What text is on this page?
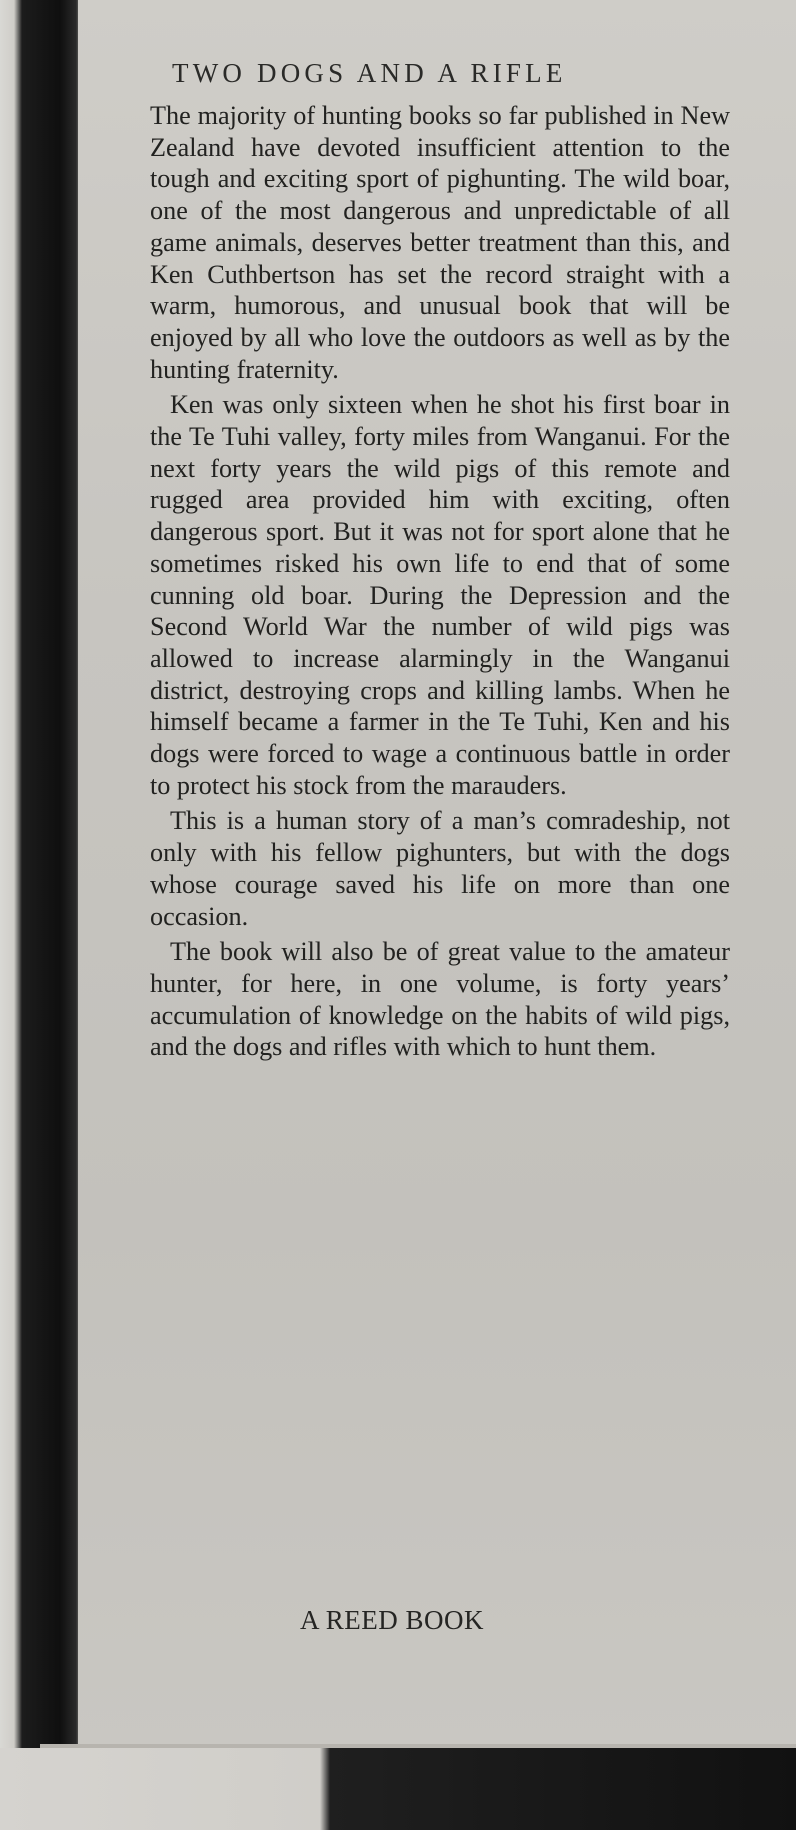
TWO DOGS AND A RIFLE

The majority of hunting books so far published in New Zealand have devoted insufficient attention to the tough and exciting sport of pighunting. The wild boar, one of the most dangerous and unpredictable of all game animals, deserves better treatment than this, and Ken Cuthbertson has set the record straight with a warm, humorous, and unusual book that will be enjoyed by all who love the outdoors as well as by the hunting fraternity.

Ken was only sixteen when he shot his first boar in the Te Tuhi valley, forty miles from Wanganui. For the next forty years the wild pigs of this remote and rugged area provided him with exciting, often dangerous sport. But it was not for sport alone that he sometimes risked his own life to end that of some cunning old boar. During the Depression and the Second World War the number of wild pigs was allowed to increase alarmingly in the Wanganui district, destroying crops and killing lambs. When he himself became a farmer in the Te Tuhi, Ken and his dogs were forced to wage a continuous battle in order to protect his stock from the marauders.

This is a human story of a man’s comradeship, not only with his fellow pighunters, but with the dogs whose courage saved his life on more than one occasion.

The book will also be of great value to the amateur hunter, for here, in one volume, is forty years’ accumulation of knowledge on the habits of wild pigs, and the dogs and rifles with which to hunt them.

A REED BOOK
